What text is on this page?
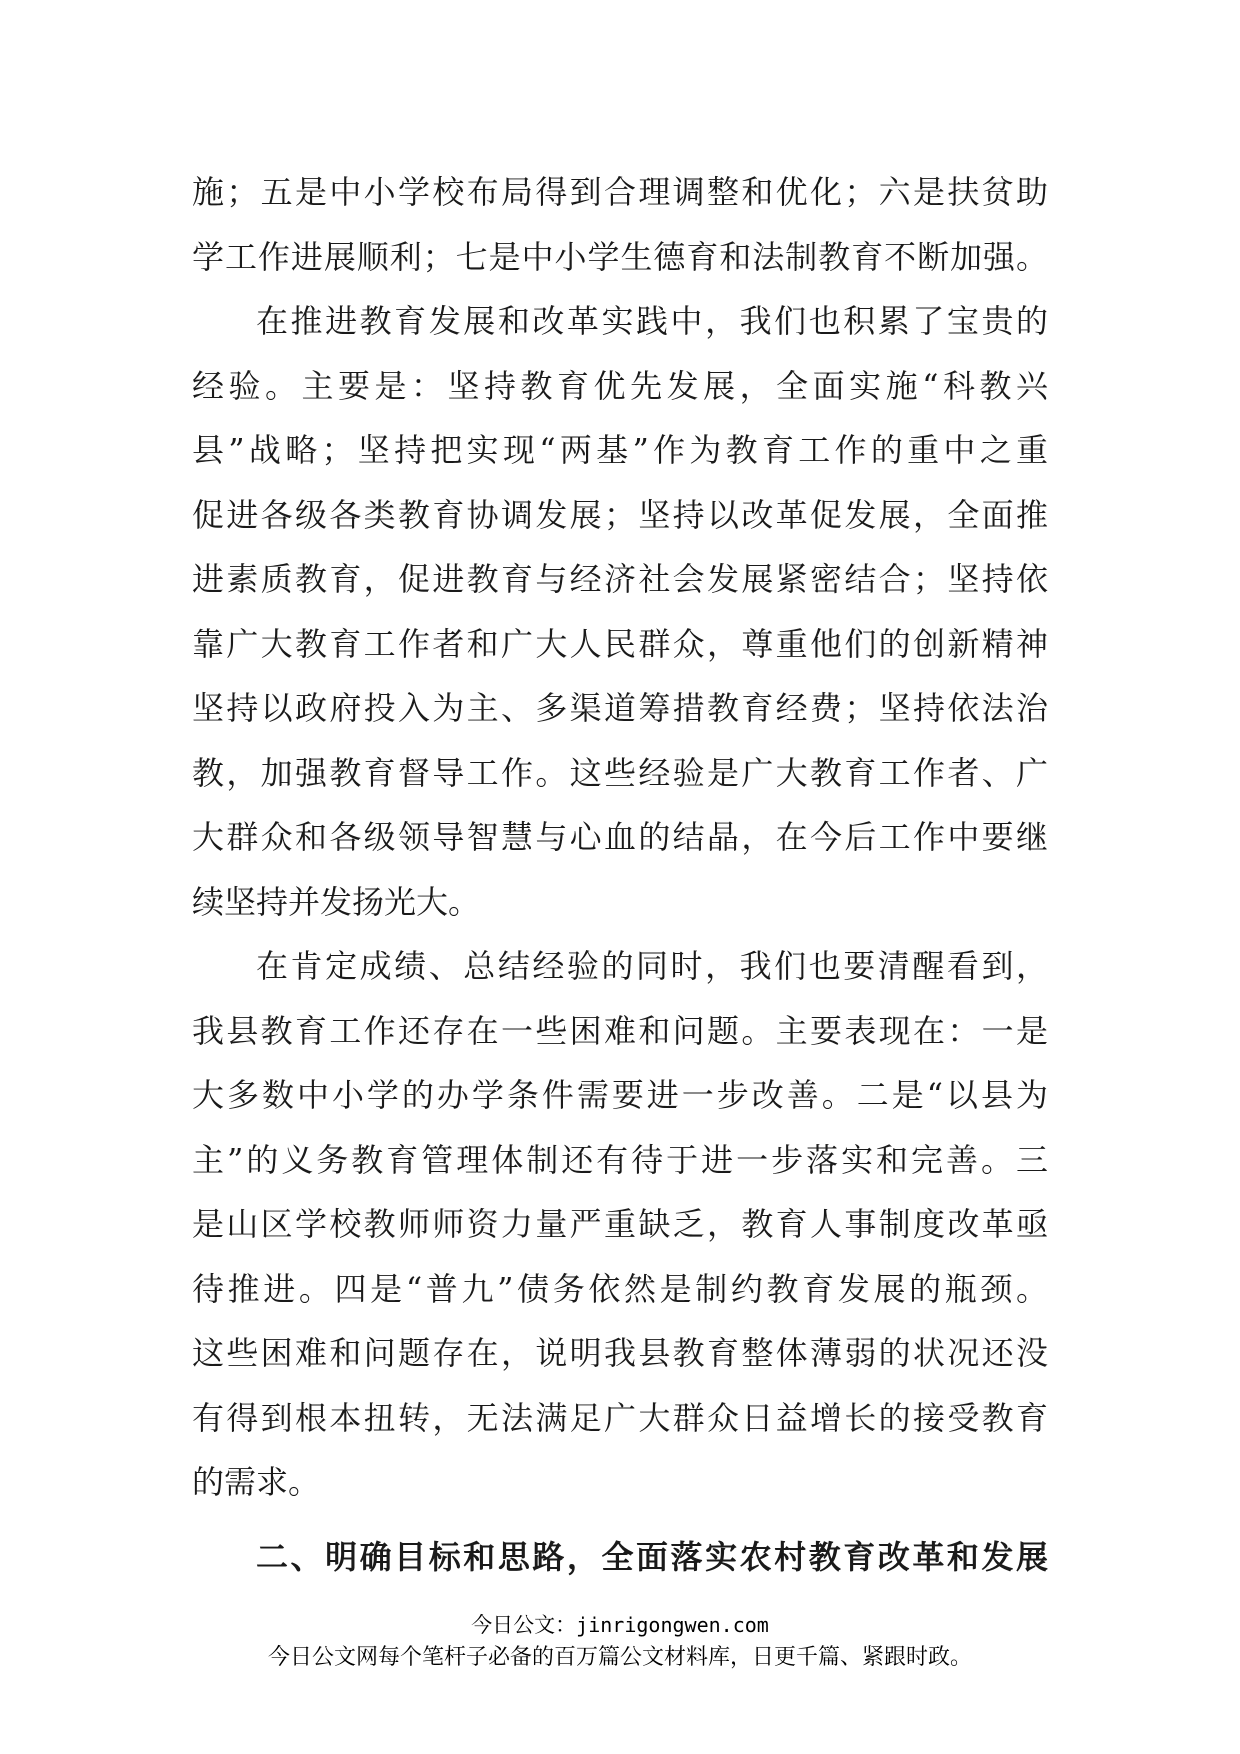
施；五是中小学校布局得到合理调整和优化；六是扶贫助
学工作进展顺利；七是中小学生德育和法制教育不断加强。
在推进教育发展和改革实践中，我们也积累了宝贵的
经验。主要是：坚持教育优先发展，全面实施“科教兴
县”战略；坚持把实现“两基”作为教育工作的重中之重
促进各级各类教育协调发展；坚持以改革促发展，全面推
进素质教育，促进教育与经济社会发展紧密结合；坚持依
靠广大教育工作者和广大人民群众，尊重他们的创新精神
坚持以政府投入为主、多渠道筹措教育经费；坚持依法治
教，加强教育督导工作。这些经验是广大教育工作者、广
大群众和各级领导智慧与心血的结晶，在今后工作中要继
续坚持并发扬光大。
在肯定成绩、总结经验的同时，我们也要清醒看到，
我县教育工作还存在一些困难和问题。主要表现在：一是
大多数中小学的办学条件需要进一步改善。二是“以县为
主”的义务教育管理体制还有待于进一步落实和完善。三
是山区学校教师师资力量严重缺乏，教育人事制度改革亟
待推进。四是“普九”债务依然是制约教育发展的瓶颈。
这些困难和问题存在，说明我县教育整体薄弱的状况还没
有得到根本扭转，无法满足广大群众日益增长的接受教育
的需求。
二、明确目标和思路，全面落实农村教育改革和发展
今日公文：jinrigongwen.com
今日公文网每个笔杆子必备的百万篇公文材料库，日更千篇、紧跟时政。
